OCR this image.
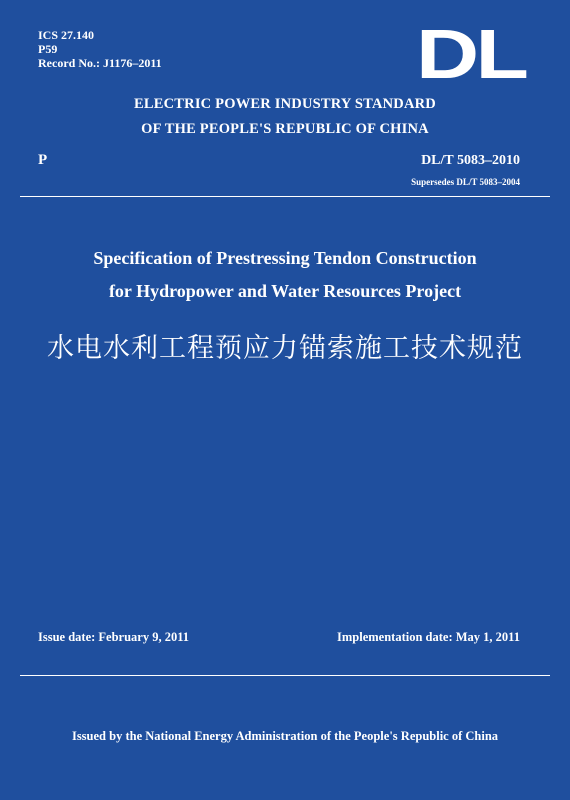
ICS 27.140
P59
Record No.: J1176–2011	DL
ELECTRIC POWER INDUSTRY STANDARD
OF THE PEOPLE'S REPUBLIC OF CHINA
P	DL/T 5083–2010
Supersedes DL/T 5083–2004
Specification of Prestressing Tendon Construction
for Hydropower and Water Resources Project
水电水利工程预应力锚索施工技术规范
Issue date: February 9, 2011	Implementation date: May 1, 2011
Issued by the National Energy Administration of the People's Republic of China
